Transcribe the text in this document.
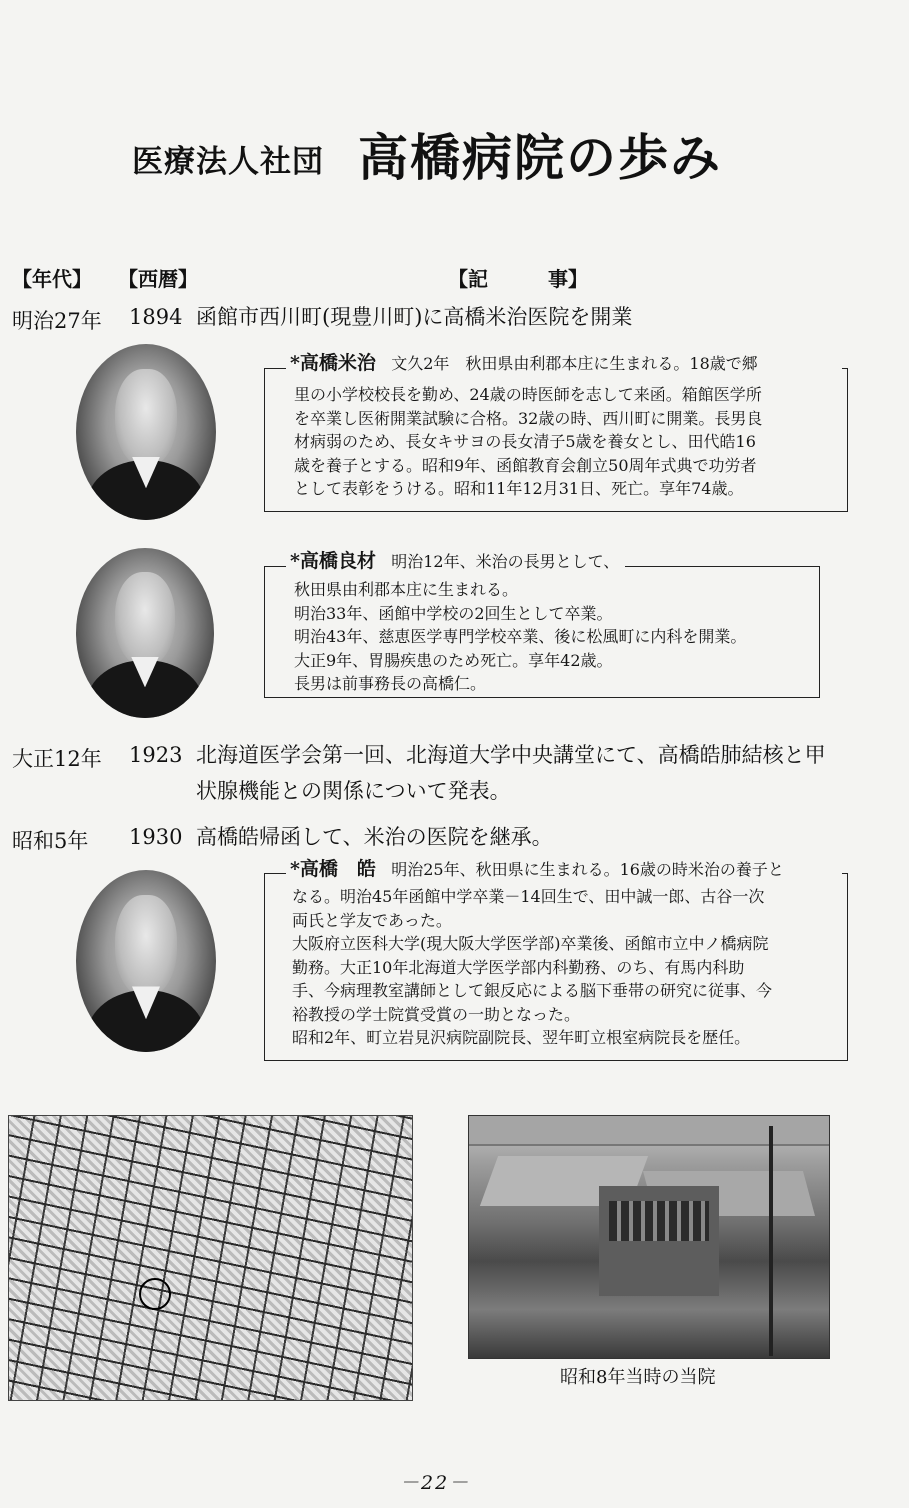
医療法人社団 高橋病院の歩み
【年代】 【西暦】	【記　　　事】
明治27年 1894 函館市西川町(現豊川町)に高橋米治医院を開業
*高橋米治 文久2年　秋田県由利郡本庄に生まれる。18歳で郷
里の小学校校長を勤め、24歳の時医師を志して来函。箱館医学所
を卒業し医術開業試験に合格。32歳の時、西川町に開業。長男良
材病弱のため、長女キサヨの長女清子5歳を養女とし、田代皓16
歳を養子とする。昭和9年、函館教育会創立50周年式典で功労者
として表彰をうける。昭和11年12月31日、死亡。享年74歳。
*高橋良材 明治12年、米治の長男として、
秋田県由利郡本庄に生まれる。
明治33年、函館中学校の2回生として卒業。
明治43年、慈恵医学専門学校卒業、後に松風町に内科を開業。
大正9年、胃腸疾患のため死亡。享年42歳。
長男は前事務長の高橋仁。
大正12年 1923 北海道医学会第一回、北海道大学中央講堂にて、高橋皓肺結核と甲
状腺機能との関係について発表。
昭和5年 1930 高橋皓帰函して、米治の医院を継承。
*高橋　皓 明治25年、秋田県に生まれる。16歳の時米治の養子と
なる。明治45年函館中学卒業－14回生で、田中誠一郎、古谷一次
両氏と学友であった。
大阪府立医科大学(現大阪大学医学部)卒業後、函館市立中ノ橋病院
勤務。大正10年北海道大学医学部内科勤務、のち、有馬内科助
手、今病理教室講師として銀反応による脳下垂帯の研究に従事、今
裕教授の学士院賞受賞の一助となった。
昭和2年、町立岩見沢病院副院長、翌年町立根室病院長を歴任。
昭和8年当時の当院
－22－
